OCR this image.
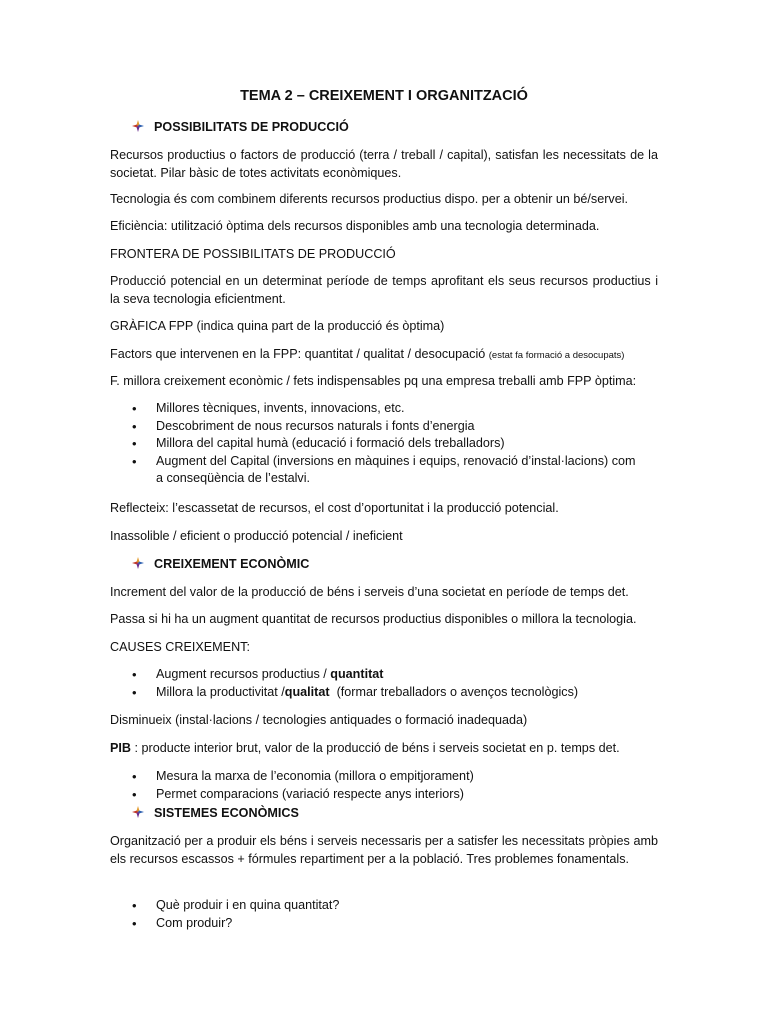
TEMA 2 – CREIXEMENT I ORGANITZACIÓ
POSSIBILITATS DE PRODUCCIÓ

Recursos productius o factors de producció (terra / treball / capital), satisfan les necessitats de la societat. Pilar bàsic de totes activitats econòmiques.

Tecnologia és com combinem diferents recursos productius dispo. per a obtenir un bé/servei.

Eficiència: utilització òptima dels recursos disponibles amb una tecnologia determinada.

FRONTERA DE POSSIBILITATS DE PRODUCCIÓ

Producció potencial en un determinat període de temps aprofitant els seus recursos productius i la seva tecnologia eficientment.

GRÀFICA FPP (indica quina part de la producció és òptima)

Factors que intervenen en la FPP: quantitat / qualitat / desocupació (estat fa formació a desocupats)

F. millora creixement econòmic / fets indispensables pq una empresa treballi amb FPP òptima:

• Millores tècniques, invents, innovacions, etc.
• Descobriment de nous recursos naturals i fonts d’energia
• Millora del capital humà (educació i formació dels treballadors)
• Augment del Capital (inversions en màquines i equips, renovació d’instal·lacions) com a conseqüència de l’estalvi.

Reflecteix: l’escassetat de recursos, el cost d’oportunitat i la producció potencial.

Inassolible / eficient o producció potencial / ineficient

CREIXEMENT ECONÒMIC

Increment del valor de la producció de béns i serveis d’una societat en període de temps det.

Passa si hi ha un augment quantitat de recursos productius disponibles o millora la tecnologia.

CAUSES CREIXEMENT:

• Augment recursos productius / quantitat
• Millora la productivitat /qualitat  (formar treballadors o avenços tecnològics)

Disminueix (instal·lacions / tecnologies antiquades o formació inadequada)

PIB : producte interior brut, valor de la producció de béns i serveis societat en p. temps det.

• Mesura la marxa de l’economia (millora o empitjorament)
• Permet comparacions (variació respecte anys interiors)
SISTEMES ECONÒMICS

Organització per a produir els béns i serveis necessaris per a satisfer les necessitats pròpies amb els recursos escassos + fórmules repartiment per a la població. Tres problemes fonamentals.

• Què produir i en quina quantitat?
• Com produir?
